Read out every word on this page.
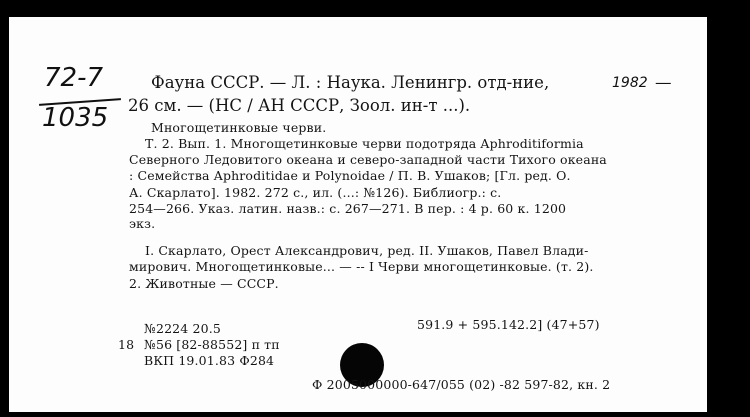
72-7
1035
Фауна СССР. — Л. : Наука. Ленингр. отд-ние,	1982 —
26 см. — (НС / АН СССР, Зоол. ин-т ...).
Многощетинковые черви.
Т. 2. Вып. 1. Многощетинковые черви подотряда Aphroditiformia
Северного Ледовитого океана и северо-западной части Тихого океана
: Семейства Aphroditidae и Polynoidae / П. В. Ушаков; [Гл. ред. О.
А. Скарлато]. 1982. 272 с., ил. (...: №126). Библиогр.: с.
254—266. Указ. латин. назв.: с. 267—271. В пер. : 4 р. 60 к. 1200
экз.
I. Скарлато, Орест Александрович, ред. II. Ушаков, Павел Влади-
мирович. Многощетинковые... — -- I Черви многощетинковые. (т. 2).
2. Животные — СССР.
№2224 20.5	591.9 + 595.142.2] (47+57)
18 №56 [82-88552] п тп
ВКП 19.01.83 Ф284
Ф 2005000000-647/055 (02) -82 597-82, кн. 2
